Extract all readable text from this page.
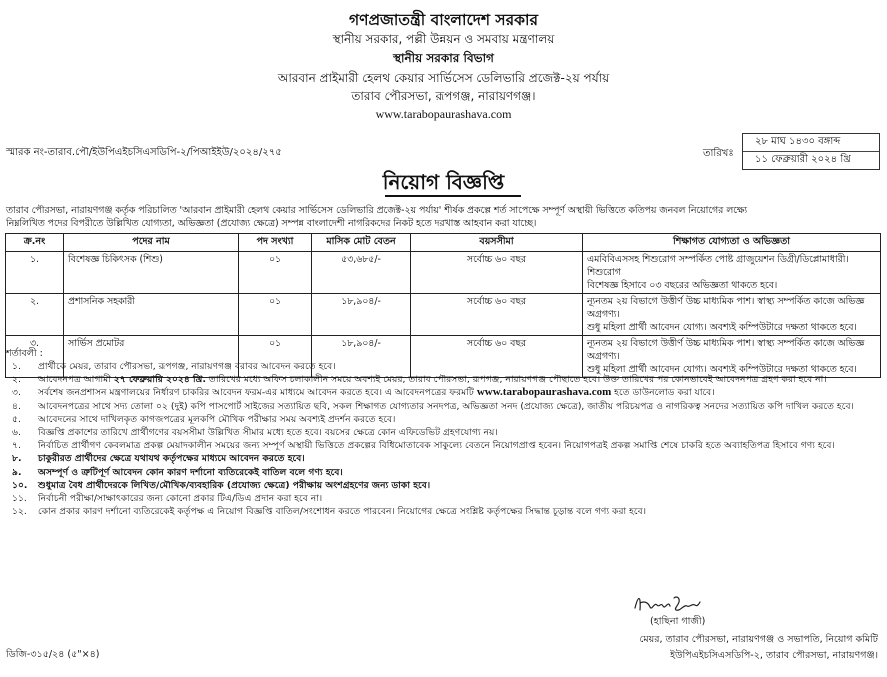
গণপ্রজাতন্ত্রী বাংলাদেশ সরকার
স্থানীয় সরকার, পল্লী উন্নয়ন ও সমবায় মন্ত্রণালয়
স্থানীয় সরকার বিভাগ
আরবান প্রাইমারী হেলথ কেয়ার সার্ভিসেস ডেলিভারি প্রজেক্ট-২য় পর্যায়
তারাব পৌরসভা, রূপগঞ্জ, নারায়ণগঞ্জ।
www.tarabopaurashava.com
স্মারক নং-তারাব.পৌ/ইউপিএইচসিএসডিপি-২/পিআইইউ/২০২৪/২৭৫	তারিখঃ
২৮ মাঘ ১৪৩০ বঙ্গাব্দ
১১ ফেব্রুয়ারী ২০২৪ খ্রি
নিয়োগ বিজ্ঞপ্তি
তারাব পৌরসভা, নারায়ণগঞ্জ কর্তৃক পরিচালিত 'আরবান প্রাইমারী হেলথ কেয়ার সার্ভিসেস ডেলিভারি প্রজেক্ট-২য় পর্যায়' শীর্ষক প্রকল্পে শর্ত সাপেক্ষে সম্পূর্ণ অস্থায়ী ভিত্তিতে কতিপয় জনবল নিয়োগের লক্ষ্যে
নিম্নলিখিত পদের বিপরীতে উল্লিখিত যোগ্যতা, অভিজ্ঞতা (প্রযোজ্য ক্ষেত্রে) সম্পন্ন বাংলাদেশী নাগরিকদের নিকট হতে দরখাস্ত আহবান করা যাচ্ছে।
ক্র.নং	পদের নাম	পদ সংখ্যা	মাসিক মোট বেতন	বয়সসীমা	শিক্ষাগত যোগ্যতা ও অভিজ্ঞতা
১.	বিশেষজ্ঞ চিকিৎসক (শিশু)	০১	৫৩,৬৮৫/-	সর্বোচ্চ ৬০ বছর	এমবিবিএসসহ শিশুরোগ সম্পর্কিত পোষ্ট গ্রাজুয়েশন ডিগ্রী/ডিপ্লোমাধারী। শিশুরোগ
বিশেষজ্ঞ হিসাবে ০৩ বছরের অভিজ্ঞতা থাকতে হবে।

২.	প্রশাসনিক সহকারী	০১	১৮,৯০৪/-	সর্বোচ্চ ৬০ বছর	ন্যূনতম ২য় বিভাগে উত্তীর্ণ উচ্চ মাধ্যমিক পাশ। স্বাস্থ্য সম্পর্কিত কাজে অভিজ্ঞ অগ্রগণ্য।
শুধু মহিলা প্রার্থী আবেদন যোগ্য। অবশ্যই কম্পিউটারে দক্ষতা থাকতে হবে।

৩.	সার্ভিস প্রমোটর	০১	১৮,৯০৪/-	সর্বোচ্চ ৬০ বছর	ন্যূনতম ২য় বিভাগে উত্তীর্ণ উচ্চ মাধ্যমিক পাশ। স্বাস্থ্য সম্পর্কিত কাজে অভিজ্ঞ অগ্রগণ্য।
শুধু মহিলা প্রার্থী আবেদন যোগ্য। অবশ্যই কম্পিউটারে দক্ষতা থাকতে হবে।
শর্তাবলী :
১.	প্রার্থীকে মেয়র, তারাব পৌরসভা, রূপগঞ্জ, নারায়ণগঞ্জ বরাবর আবেদন করতে হবে।
২.	আবেদনপত্র আগামী ২৭ ফেব্রুয়ারি ২০২৪ খ্রি. তারিখের মধ্যে অফিস চলাকালীন সময়ে অবশ্যই মেয়র, তারাব পৌরসভা, রূপগঞ্জ, নারায়ণগঞ্জ পৌছাতে হবে। উক্ত তারিখের পর কোনভাবেই আবেদনপত্র গ্রহণ করা হবে না।
৩.	সর্বশেষ জনপ্রশাসন মন্ত্রণালয়ের নির্ধারণ চাকরির আবেদন ফরম-এর মাধ্যমে আবেদন করতে হবে। এ আবেদনপত্রের ফরমটি www.tarabopaurashava.com হতে ডাউনলোড করা যাবে।
৪.	আবেদনপত্রের সাথে সদ্য তোলা ০২ (দুই) কপি পাসপোর্ট সাইজের সত্যায়িত ছবি, সকল শিক্ষাগত যোগ্যতার সনদপত্র, অভিজ্ঞতা সনদ (প্রযোজ্য ক্ষেত্রে), জাতীয় পরিচয়পত্র ও নাগরিকত্ব সনদের সত্যায়িত কপি দাখিল করতে হবে।
৫.	আবেদনের সাথে দাখিলকৃত কাগজপত্রের মূলকপি মৌখিক পরীক্ষার সময় অবশ্যই প্রদর্শন করতে হবে।
৬.	বিজ্ঞপ্তি প্রকাশের তারিখে প্রার্থীগণের বয়সসীমা উল্লিখিত সীমার মধ্যে হতে হবে। বয়সের ক্ষেত্রে কোন এফিডেভিট গ্রহণযোগ্য নয়।
৭.	নির্বাচিত প্রার্থীগণ কেবলমাত্র প্রকল্প মেয়াদকালীন সময়ের জন্য সম্পূর্ণ অস্থায়ী ভিত্তিতে প্রকল্পের বিধিমোতাবেক সাকুল্যে বেতনে নিয়োগপ্রাপ্ত হবেন। নিয়োগপত্রই প্রকল্প সমাপ্তি শেষে চাকরি হতে অব্যাহতিপত্র হিসাবে গণ্য হবে।
৮.	চাকুরীরত প্রার্থীদের ক্ষেত্রে যথাযথ কর্তৃপক্ষের মাধ্যমে আবেদন করতে হবে।
৯.	অসম্পূর্ণ ও ত্রুটিপূর্ণ আবেদন কোন কারণ দর্শানো ব্যতিরেকেই বাতিল বলে গণ্য হবে।
১০.	শুধুমাত্র বৈধ প্রার্থীদেরকে লিখিত/মৌখিক/ব্যবহারিক (প্রযোজ্য ক্ষেত্রে) পরীক্ষায় অংশগ্রহণের জন্য ডাকা হবে।
১১.	নির্বাচনী পরীক্ষা/সাক্ষাৎকারের জন্য কোনো প্রকার টিএ/ডিএ প্রদান করা হবে না।
১২.	কোন প্রকার কারণ দর্শানো ব্যতিরেকেই কর্তৃপক্ষ এ নিয়োগ বিজ্ঞপ্তি বাতিল/সংশোধন করতে পারবেন। নিয়োগের ক্ষেত্রে সংশ্লিষ্ট কর্তৃপক্ষের সিদ্ধান্ত চূড়ান্ত বলে গণ্য করা হবে।
(হাছিনা গাজী)
মেয়র, তারাব পৌরসভা, নারায়ণগঞ্জ ও সভাপতি, নিয়োগ কমিটি
ইউপিএইচসিএসডিপি-২, তারাব পৌরসভা, নারায়ণগঞ্জ।
ডিজি-৩১৫/২৪ (৫"×৪)
